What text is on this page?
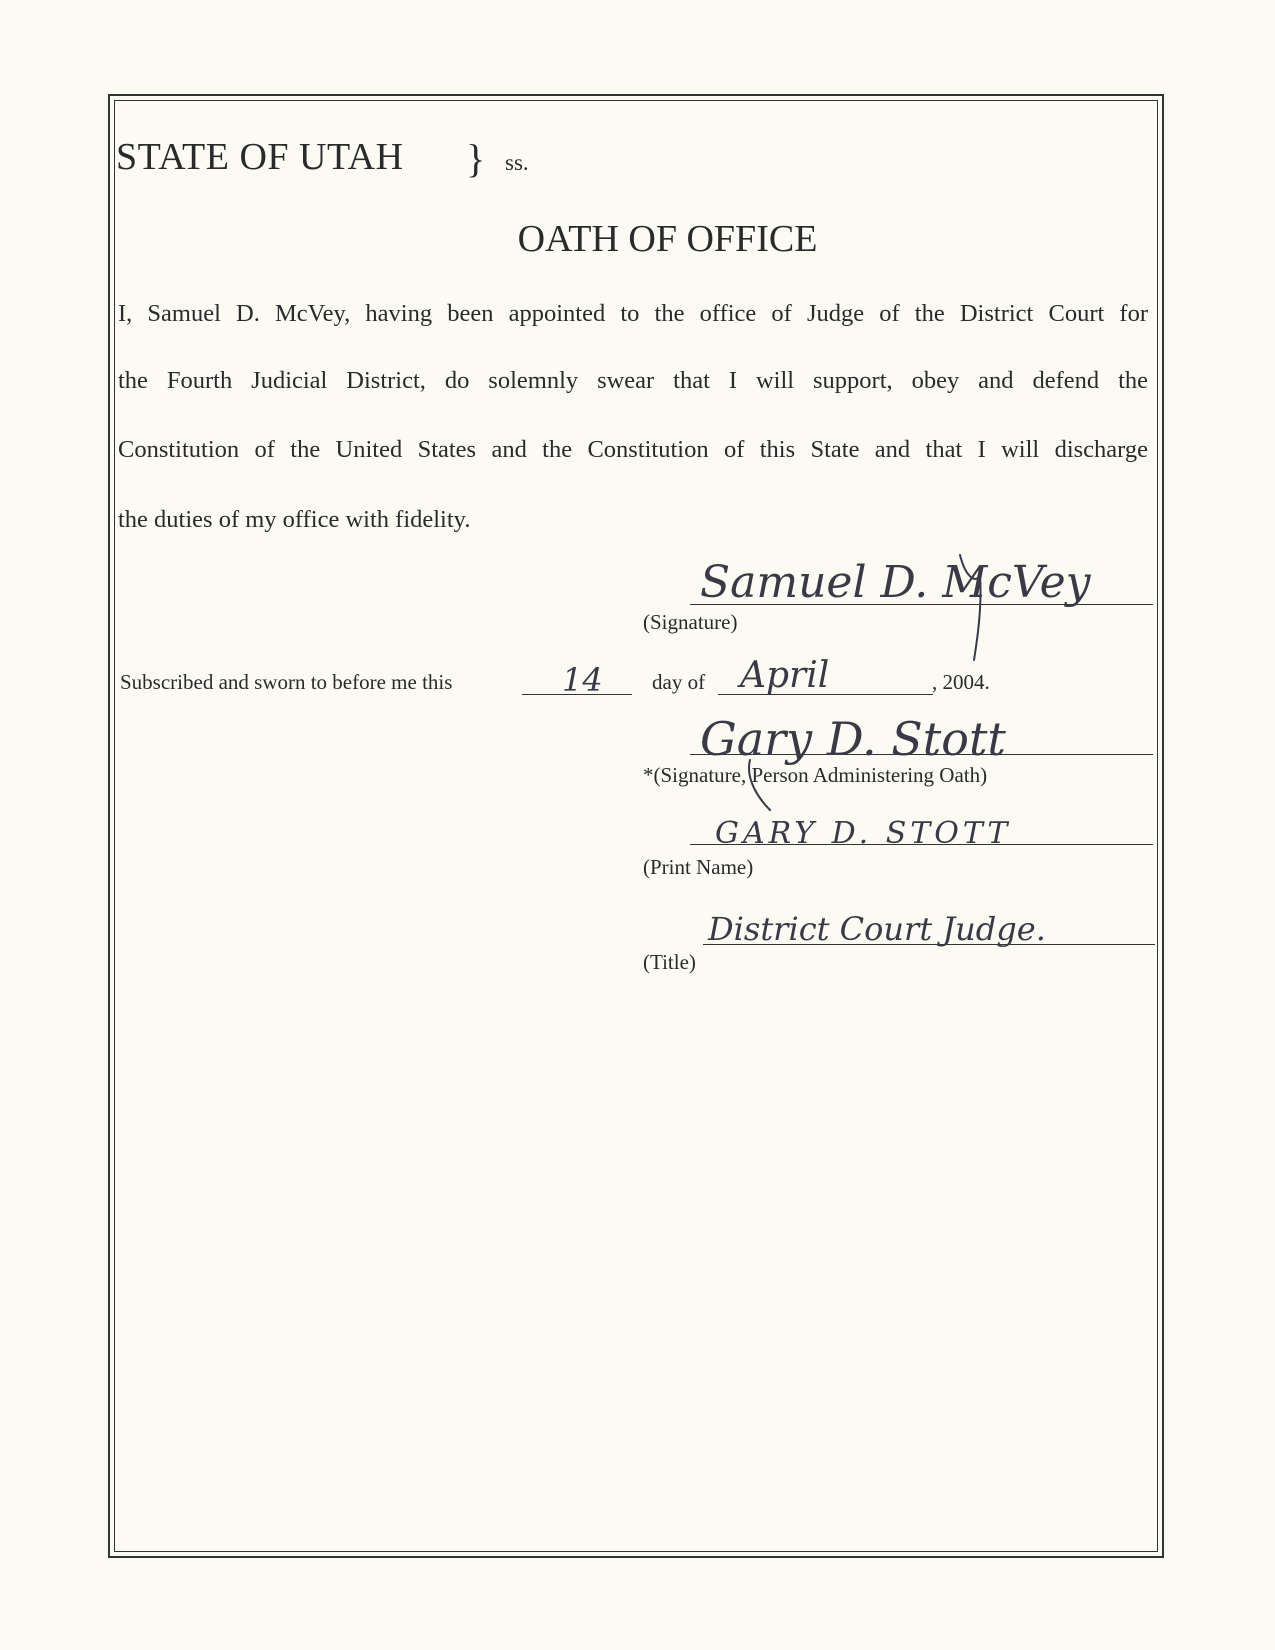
STATE OF UTAH } ss.
OATH OF OFFICE
I, Samuel D. McVey, having been appointed to the office of Judge of the District Court for
the Fourth Judicial District, do solemnly swear that I will support, obey and defend the
Constitution of the United States and the Constitution of this State and that I will discharge
the duties of my office with fidelity.
Samuel D. McVey
(Signature)
Subscribed and sworn to before me this	14 day of April	, 2004.
Gary D. Stott
*(Signature, Person Administering Oath)
GARY D. STOTT
(Print Name)
District Court Judge.
(Title)
